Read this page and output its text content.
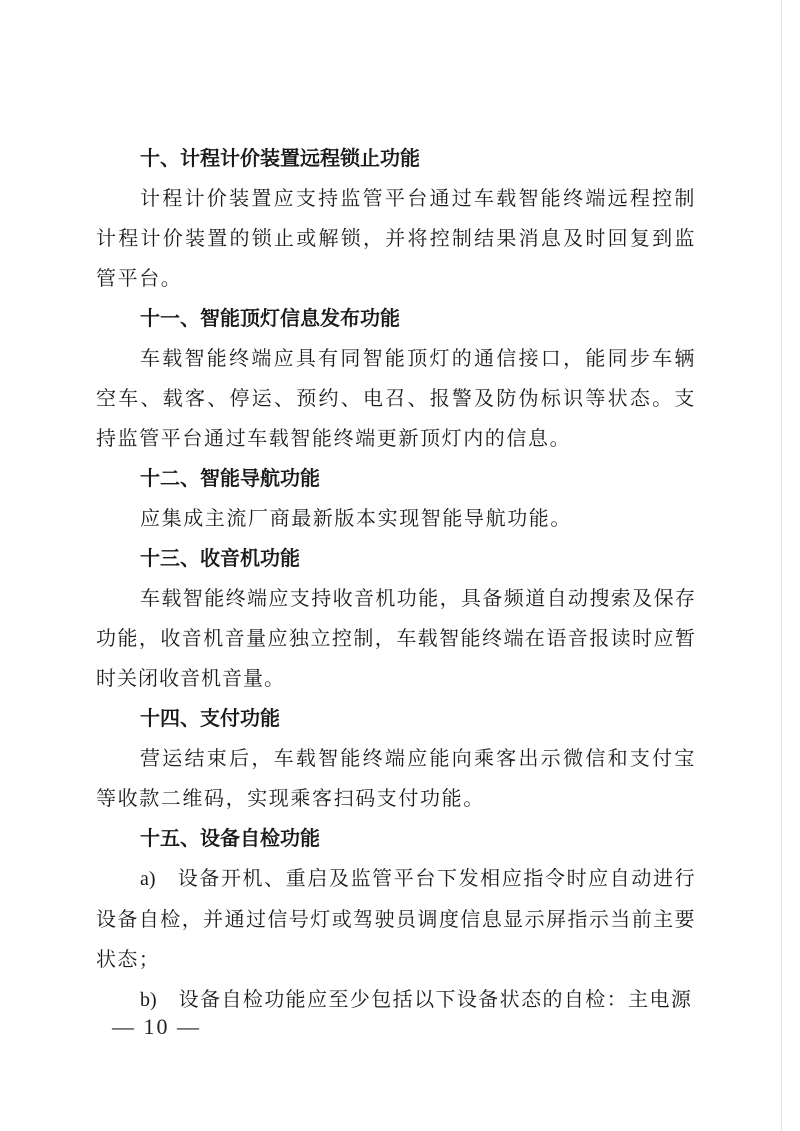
十、计程计价装置远程锁止功能

计程计价装置应支持监管平台通过车载智能终端远程控制计程计价装置的锁止或解锁，并将控制结果消息及时回复到监管平台。

十一、智能顶灯信息发布功能

车载智能终端应具有同智能顶灯的通信接口，能同步车辆空车、载客、停运、预约、电召、报警及防伪标识等状态。支持监管平台通过车载智能终端更新顶灯内的信息。

十二、智能导航功能

应集成主流厂商最新版本实现智能导航功能。

十三、收音机功能

车载智能终端应支持收音机功能，具备频道自动搜索及保存功能，收音机音量应独立控制，车载智能终端在语音报读时应暂时关闭收音机音量。

十四、支付功能

营运结束后，车载智能终端应能向乘客出示微信和支付宝等收款二维码，实现乘客扫码支付功能。

十五、设备自检功能

a) 设备开机、重启及监管平台下发相应指令时应自动进行设备自检，并通过信号灯或驾驶员调度信息显示屏指示当前主要状态；

b) 设备自检功能应至少包括以下设备状态的自检：主电源

— 10 —
